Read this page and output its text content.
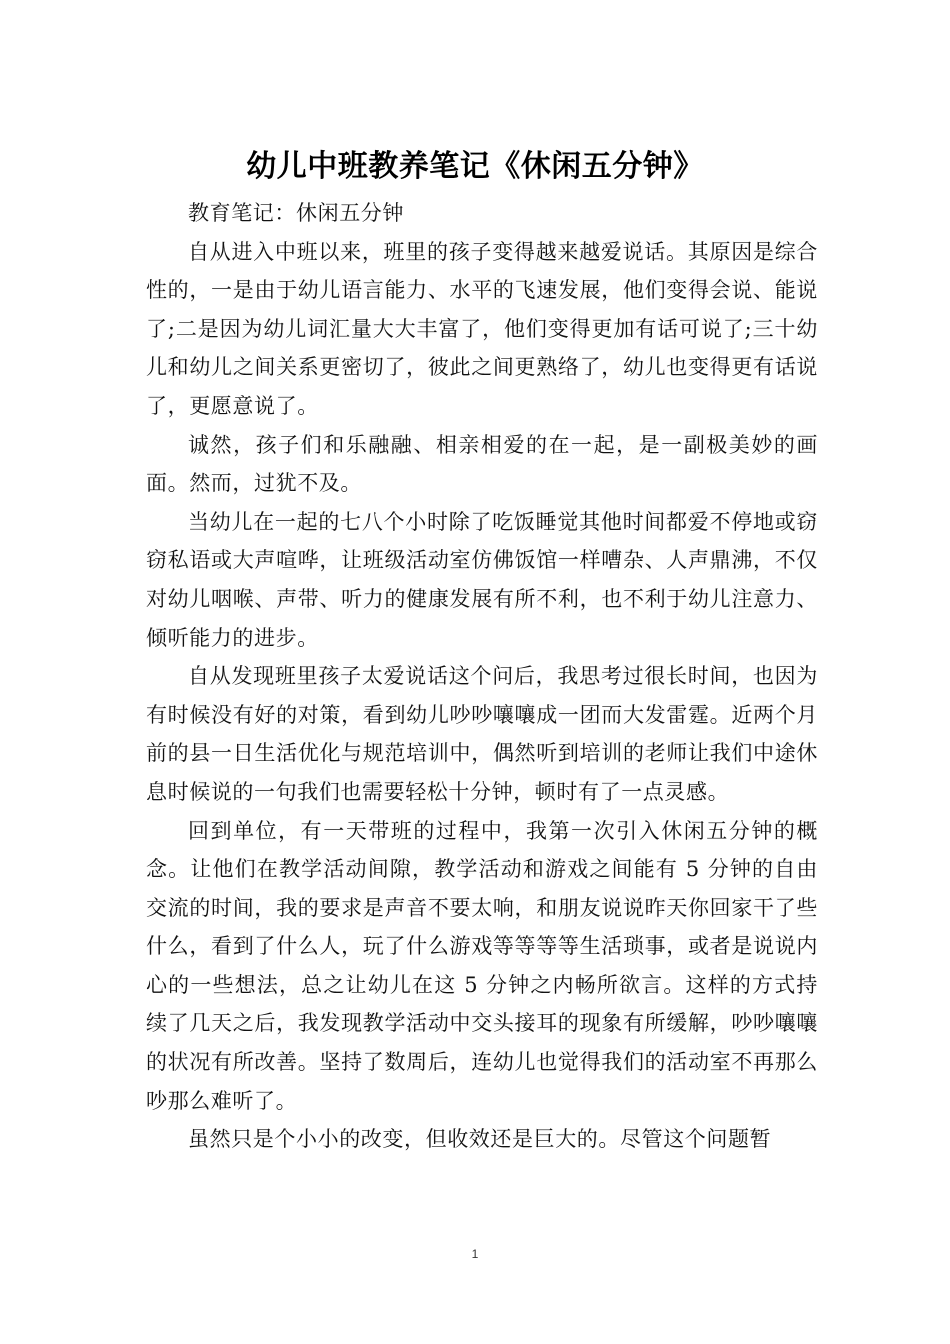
幼儿中班教养笔记《休闲五分钟》

教育笔记：休闲五分钟

自从进入中班以来，班里的孩子变得越来越爱说话。其原因是综合性的，一是由于幼儿语言能力、水平的飞速发展，他们变得会说、能说了;二是因为幼儿词汇量大大丰富了，他们变得更加有话可说了;三十幼儿和幼儿之间关系更密切了，彼此之间更熟络了，幼儿也变得更有话说了，更愿意说了。

诚然，孩子们和乐融融、相亲相爱的在一起，是一副极美妙的画面。然而，过犹不及。

当幼儿在一起的七八个小时除了吃饭睡觉其他时间都爱不停地或窃窃私语或大声喧哗，让班级活动室仿佛饭馆一样嘈杂、人声鼎沸，不仅对幼儿咽喉、声带、听力的健康发展有所不利，也不利于幼儿注意力、倾听能力的进步。

自从发现班里孩子太爱说话这个问后，我思考过很长时间，也因为有时候没有好的对策，看到幼儿吵吵嚷嚷成一团而大发雷霆。近两个月前的县一日生活优化与规范培训中，偶然听到培训的老师让我们中途休息时候说的一句我们也需要轻松十分钟，顿时有了一点灵感。

回到单位，有一天带班的过程中，我第一次引入休闲五分钟的概念。让他们在教学活动间隙，教学活动和游戏之间能有 5 分钟的自由交流的时间，我的要求是声音不要太响，和朋友说说昨天你回家干了些什么，看到了什么人，玩了什么游戏等等等等生活琐事，或者是说说内心的一些想法，总之让幼儿在这 5 分钟之内畅所欲言。这样的方式持续了几天之后，我发现教学活动中交头接耳的现象有所缓解，吵吵嚷嚷的状况有所改善。坚持了数周后，连幼儿也觉得我们的活动室不再那么吵那么难听了。

虽然只是个小小的改变，但收效还是巨大的。尽管这个问题暂

1
